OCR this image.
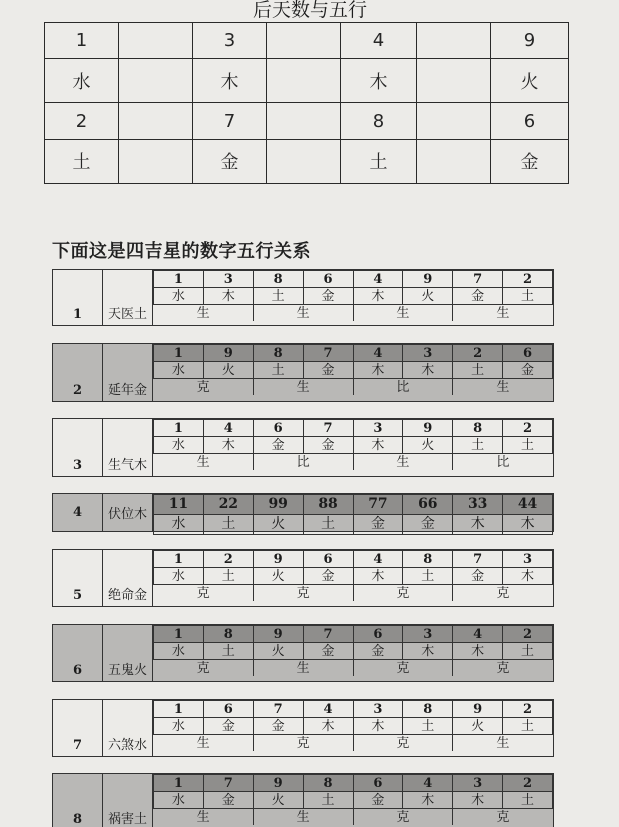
后天数与五行
1		3		4		9
水		木		木		火
2		7		8		6
土		金		土		金
下面这是四吉星的数字五行关系
1	天医土
1	3	8	6	4	9	7	2
水	木	土	金	木	火	金	土
生		生		生		生	
2	延年金
1	9	8	7	4	3	2	6
水	火	土	金	木	木	土	金
克		生		比		生	
3	生气木
1	4	6	7	3	9	8	2
水	木	金	金	木	火	土	土
生		比		生		比	
4	伏位木
11	22	99	88	77	66	33	44
水	土	火	土	金	金	木	木
5	绝命金
1	2	9	6	4	8	7	3
水	土	火	金	木	土	金	木
克		克		克		克	
6	五鬼火
1	8	9	7	6	3	4	2
水	土	火	金	金	木	木	土
克		生		克		克	
7	六煞水
1	6	7	4	3	8	9	2
水	金	金	木	木	土	火	土
生		克		克		生	
8	祸害土
1	7	9	8	6	4	3	2
水	金	火	土	金	木	木	土
生		生		克		克	
